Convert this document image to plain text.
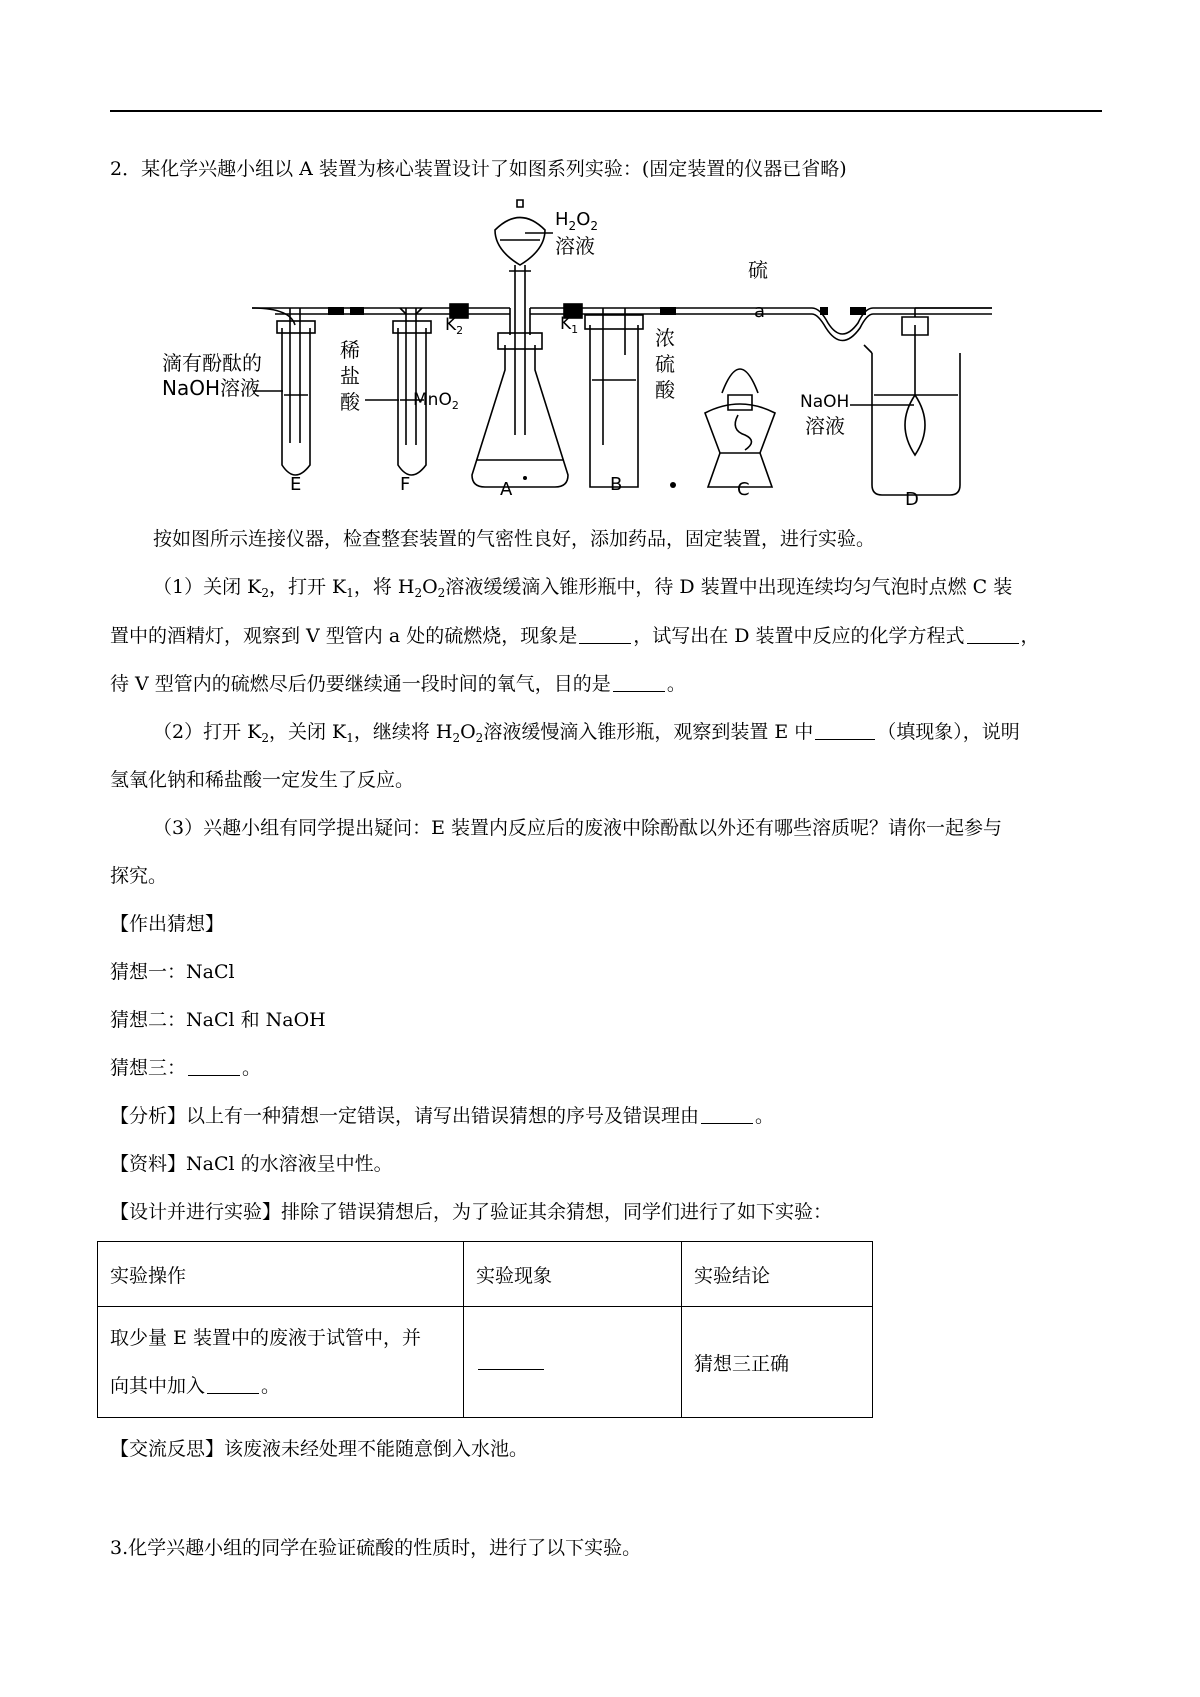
2．某化学兴趣小组以 A 装置为核心装置设计了如图系列实验：(固定装置的仪器已省略)
$H_2O_2$
溶液
硫
a
$K_2$	$K_1$
滴有酚酞的
NaOH溶液
稀
盐
酸	MnO$_2$
浓
硫
酸	NaOH
溶液
E	F	A	B	C	D
按如图所示连接仪器，检查整套装置的气密性良好，添加药品，固定装置，进行实验。
（1）关闭 $K_2$，打开 $K_1$，将 $H_2O_2$溶液缓缓滴入锥形瓶中，待 D 装置中出现连续均匀气泡时点燃 C 装
置中的酒精灯，观察到 V 型管内 a 处的硫燃烧，现象是	，试写出在 D 装置中反应的化学方程式	，
待 V 型管内的硫燃尽后仍要继续通一段时间的氧气，目的是	。
（2）打开 $K_2$，关闭 $K_1$，继续将 $H_2O_2$溶液缓慢滴入锥形瓶，观察到装置 E 中	（填现象），说明
氢氧化钠和稀盐酸一定发生了反应。
（3）兴趣小组有同学提出疑问：E 装置内反应后的废液中除酚酞以外还有哪些溶质呢？请你一起参与
探究。
【作出猜想】
猜想一：NaCl
猜想二：NaCl 和 NaOH
猜想三：	。
【分析】以上有一种猜想一定错误，请写出错误猜想的序号及错误理由	。
【资料】NaCl 的水溶液呈中性。
【设计并进行实验】排除了错误猜想后，为了验证其余猜想，同学们进行了如下实验：
实验操作	实验现象	实验结论

取少量 E 装置中的废液于试管中，并
向其中加入 。		猜想三正确
【交流反思】该废液未经处理不能随意倒入水池。
3.化学兴趣小组的同学在验证硫酸的性质时，进行了以下实验。
